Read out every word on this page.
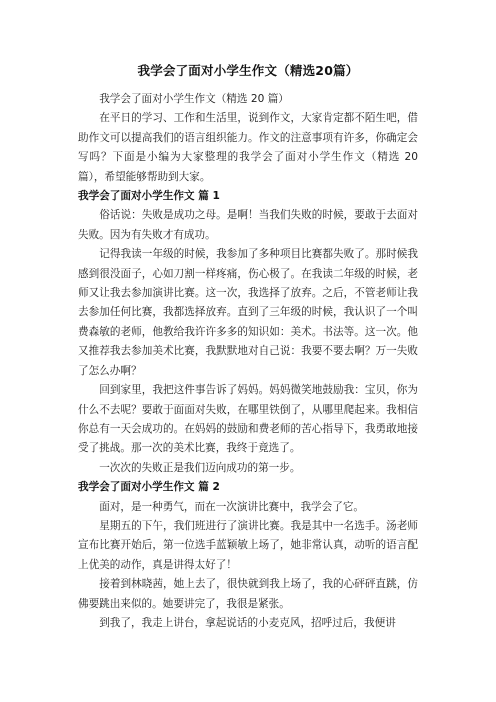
我学会了面对小学生作文（精选20篇）

我学会了面对小学生作文（精选 20 篇）

在平日的学习、工作和生活里，说到作文，大家肯定都不陌生吧，借助作文可以提高我们的语言组织能力。作文的注意事项有许多，你确定会写吗？下面是小编为大家整理的我学会了面对小学生作文（精选 20 篇），希望能够帮助到大家。

我学会了面对小学生作文 篇 1

俗话说：失败是成功之母。是啊！当我们失败的时候，要敢于去面对失败。因为有失败才有成功。

记得我读一年级的时候，我参加了多种项目比赛都失败了。那时候我感到很没面子，心如刀割一样疼痛，伤心极了。在我读二年级的时候，老师又让我去参加演讲比赛。这一次，我选择了放弃。之后，不管老师让我去参加任何比赛，我都选择放弃。直到了三年级的时候，我认识了一个叫费森敏的老师，他教给我许许多多的知识如：美术。书法等。这一次。他又推荐我去参加美术比赛，我默默地对自己说：我要不要去啊？万一失败了怎么办啊？

回到家里，我把这件事告诉了妈妈。妈妈微笑地鼓励我：宝贝，你为什么不去呢？要敢于面面对失败，在哪里铁倒了，从哪里爬起来。我相信你总有一天会成功的。在妈妈的鼓励和费老师的苦心指导下，我勇敢地接受了挑战。那一次的美术比赛，我终于竟选了。

一次次的失败正是我们迈向成功的第一步。

我学会了面对小学生作文 篇 2

面对，是一种勇气，而在一次演讲比赛中，我学会了它。

星期五的下午，我们班进行了演讲比赛。我是其中一名选手。汤老师宣布比赛开始后，第一位选手蓝颖敏上场了，她非常认真，动听的语言配上优美的动作，真是讲得太好了！

接着到林晓茜，她上去了，很快就到我上场了，我的心砰砰直跳，仿佛要跳出来似的。她要讲完了，我很是紧张。

到我了，我走上讲台，拿起说话的小麦克风，招呼过后，我便讲
